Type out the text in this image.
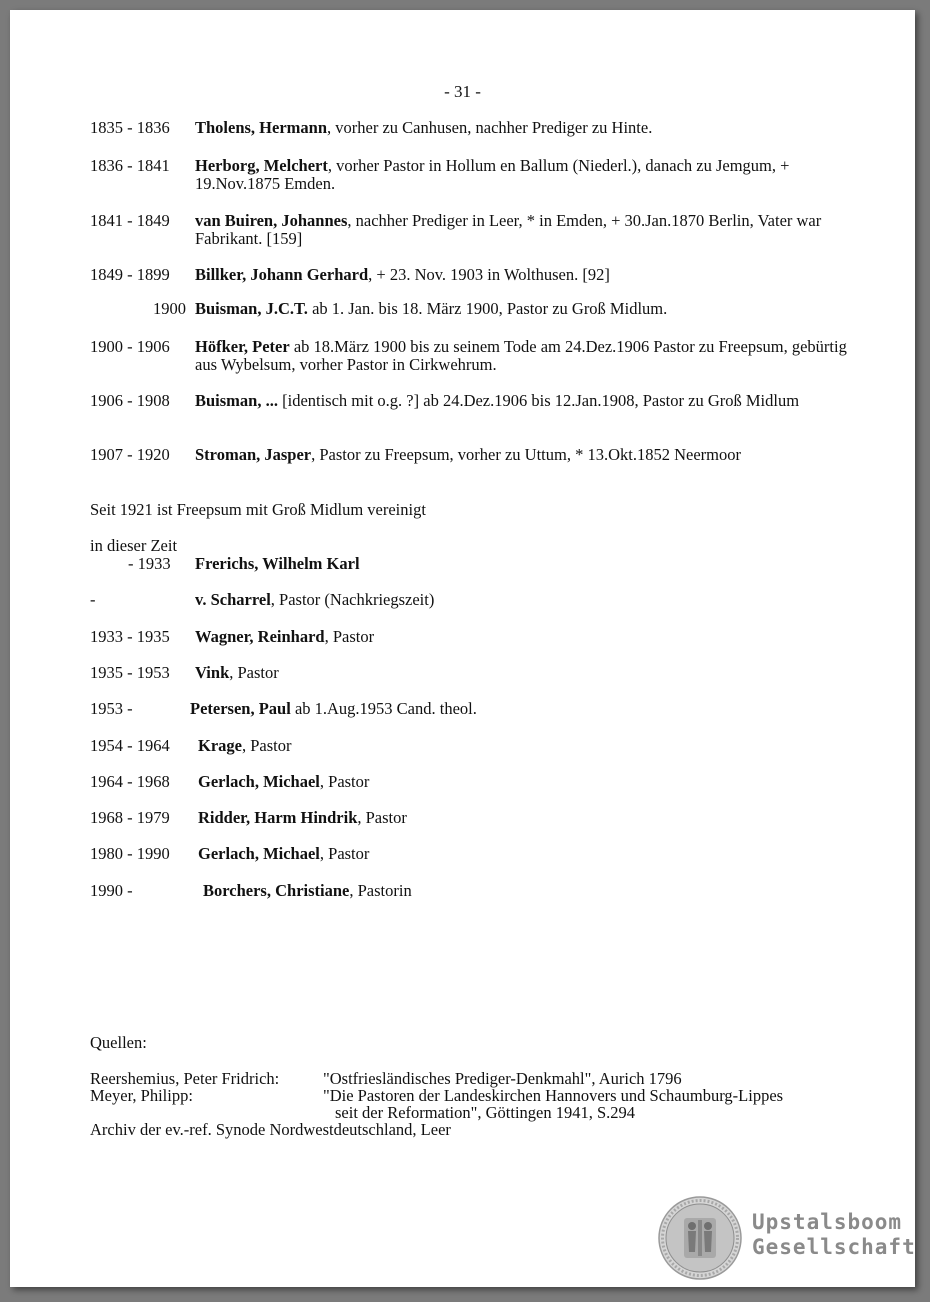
- 31 -
1835 - 1836	Tholens, Hermann, vorher zu Canhusen, nachher Prediger zu Hinte.
1836 - 1841	Herborg, Melchert, vorher Pastor in Hollum en Ballum (Niederl.), danach zu Jemgum, + 19.Nov.1875 Emden.
1841 - 1849	van Buiren, Johannes, nachher Prediger in Leer, * in Emden, + 30.Jan.1870 Berlin, Vater war Fabrikant. [159]
1849 - 1899	Billker, Johann Gerhard, + 23. Nov. 1903 in Wolthusen. [92]
1900 Buisman, J.C.T. ab 1. Jan. bis 18. März 1900, Pastor zu Groß Midlum.
1900 - 1906	Höfker, Peter ab 18.März 1900 bis zu seinem Tode am 24.Dez.1906 Pastor zu Freepsum, gebürtig aus Wybelsum, vorher Pastor in Cirkwehrum.
1906 - 1908	Buisman, ... [identisch mit o.g. ?] ab 24.Dez.1906 bis 12.Jan.1908, Pastor zu Groß Midlum
1907 - 1920	Stroman, Jasper, Pastor zu Freepsum, vorher zu Uttum, * 13.Okt.1852 Neermoor
Seit 1921 ist Freepsum mit Groß Midlum vereinigt
in dieser Zeit
- 1933	Frerichs, Wilhelm Karl
-	v. Scharrel, Pastor (Nachkriegszeit)
1933 - 1935	Wagner, Reinhard, Pastor
1935 - 1953	Vink, Pastor
1953 -	Petersen, Paul ab 1.Aug.1953 Cand. theol.
1954 - 1964	Krage, Pastor
1964 - 1968	Gerlach, Michael, Pastor
1968 - 1979	Ridder, Harm Hindrik, Pastor
1980 - 1990	Gerlach, Michael, Pastor
1990 -	Borchers, Christiane, Pastorin
Quellen:
Reershemius, Peter Fridrich:	"Ostfriesländisches Prediger-Denkmahl", Aurich 1796
Meyer, Philipp:	"Die Pastoren der Landeskirchen Hannovers und Schaumburg-Lippes
seit der Reformation", Göttingen 1941, S.294
Archiv der ev.-ref. Synode Nordwestdeutschland, Leer
Upstalsboom
Gesellschaft
